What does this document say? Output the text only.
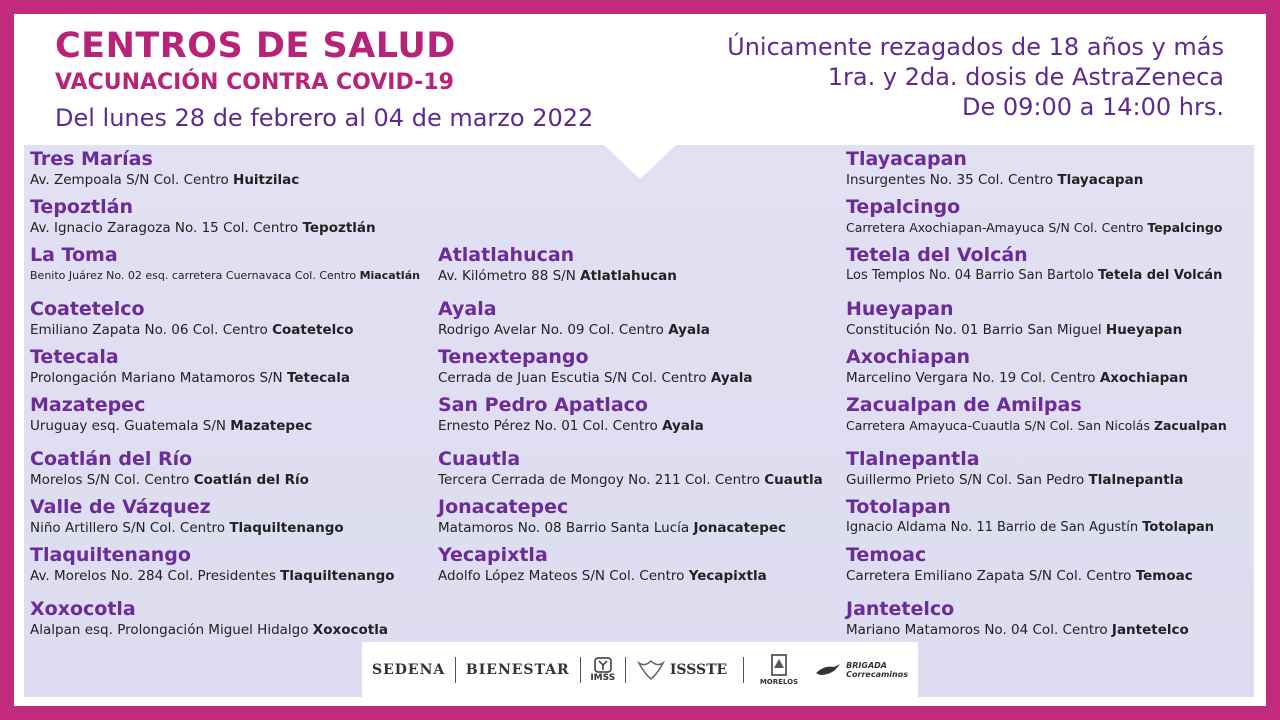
CENTROS DE SALUD
VACUNACIÓN CONTRA COVID-19
Del lunes 28 de febrero al 04 de marzo 2022
Únicamente rezagados de 18 años y más
1ra. y 2da. dosis de AstraZeneca
De 09:00 a 14:00 hrs.
Tres Marías
Av. Zempoala S/N Col. Centro Huitzilac
Tepoztlán
Av. Ignacio Zaragoza No. 15 Col. Centro Tepoztlán
La Toma
Benito Juárez No. 02 esq. carretera Cuernavaca Col. Centro Miacatlán
Coatetelco
Emiliano Zapata No. 06 Col. Centro Coatetelco
Tetecala
Prolongación Mariano Matamoros S/N Tetecala
Mazatepec
Uruguay esq. Guatemala S/N Mazatepec
Coatlán del Río
Morelos S/N Col. Centro Coatlán del Río
Valle de Vázquez
Niño Artillero S/N Col. Centro Tlaquiltenango
Tlaquiltenango
Av. Morelos No. 284 Col. Presidentes Tlaquiltenango
Xoxocotla
Alalpan esq. Prolongación Miguel Hidalgo Xoxocotla
Atlatlahucan
Av. Kilómetro 88 S/N Atlatlahucan
Ayala
Rodrigo Avelar No. 09 Col. Centro Ayala
Tenextepango
Cerrada de Juan Escutia S/N Col. Centro Ayala
San Pedro Apatlaco
Ernesto Pérez No. 01 Col. Centro Ayala
Cuautla
Tercera Cerrada de Mongoy No. 211 Col. Centro Cuautla
Jonacatepec
Matamoros No. 08 Barrio Santa Lucía Jonacatepec
Yecapixtla
Adolfo López Mateos S/N Col. Centro Yecapixtla
Tlayacapan
Insurgentes No. 35 Col. Centro Tlayacapan
Tepalcingo
Carretera Axochiapan-Amayuca S/N Col. Centro Tepalcingo
Tetela del Volcán
Los Templos No. 04 Barrio San Bartolo Tetela del Volcán
Hueyapan
Constitución No. 01 Barrio San Miguel Hueyapan
Axochiapan
Marcelino Vergara No. 19 Col. Centro Axochiapan
Zacualpan de Amilpas
Carretera Amayuca-Cuautla S/N Col. San Nicolás Zacualpan
Tlalnepantla
Guillermo Prieto S/N Col. San Pedro Tlalnepantla
Totolapan
Ignacio Aldama No. 11 Barrio de San Agustín Totolapan
Temoac
Carretera Emiliano Zapata S/N Col. Centro Temoac
Jantetelco
Mariano Matamoros No. 04 Col. Centro Jantetelco
SEDENA BIENESTAR IMSS	ISSSTE
MORELOS
BRIGADA
Correcaminos
